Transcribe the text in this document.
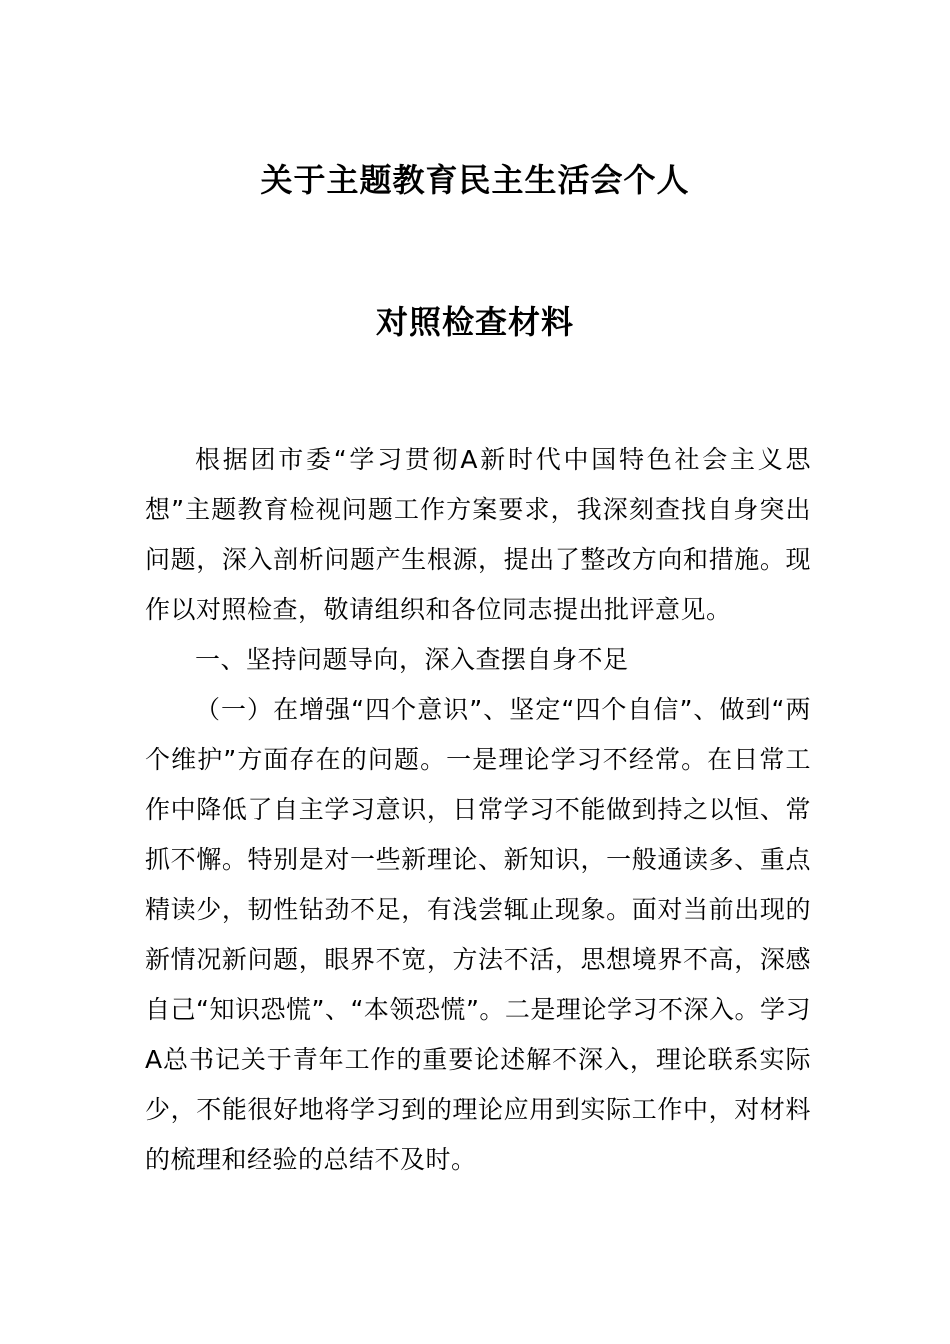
关于主题教育民主生活会个人
对照检查材料

根据团市委“学习贯彻A新时代中国特色社会主义思想”主题教育检视问题工作方案要求，我深刻查找自身突出问题，深入剖析问题产生根源，提出了整改方向和措施。现作以对照检查，敬请组织和各位同志提出批评意见。

一、坚持问题导向，深入查摆自身不足

（一）在增强“四个意识”、坚定“四个自信”、做到“两个维护”方面存在的问题。一是理论学习不经常。在日常工作中降低了自主学习意识，日常学习不能做到持之以恒、常抓不懈。特别是对一些新理论、新知识，一般通读多、重点精读少，韧性钻劲不足，有浅尝辄止现象。面对当前出现的新情况新问题，眼界不宽，方法不活，思想境界不高，深感自己“知识恐慌”、“本领恐慌”。二是理论学习不深入。学习A总书记关于青年工作的重要论述解不深入，理论联系实际少，不能很好地将学习到的理论应用到实际工作中，对材料的梳理和经验的总结不及时。
